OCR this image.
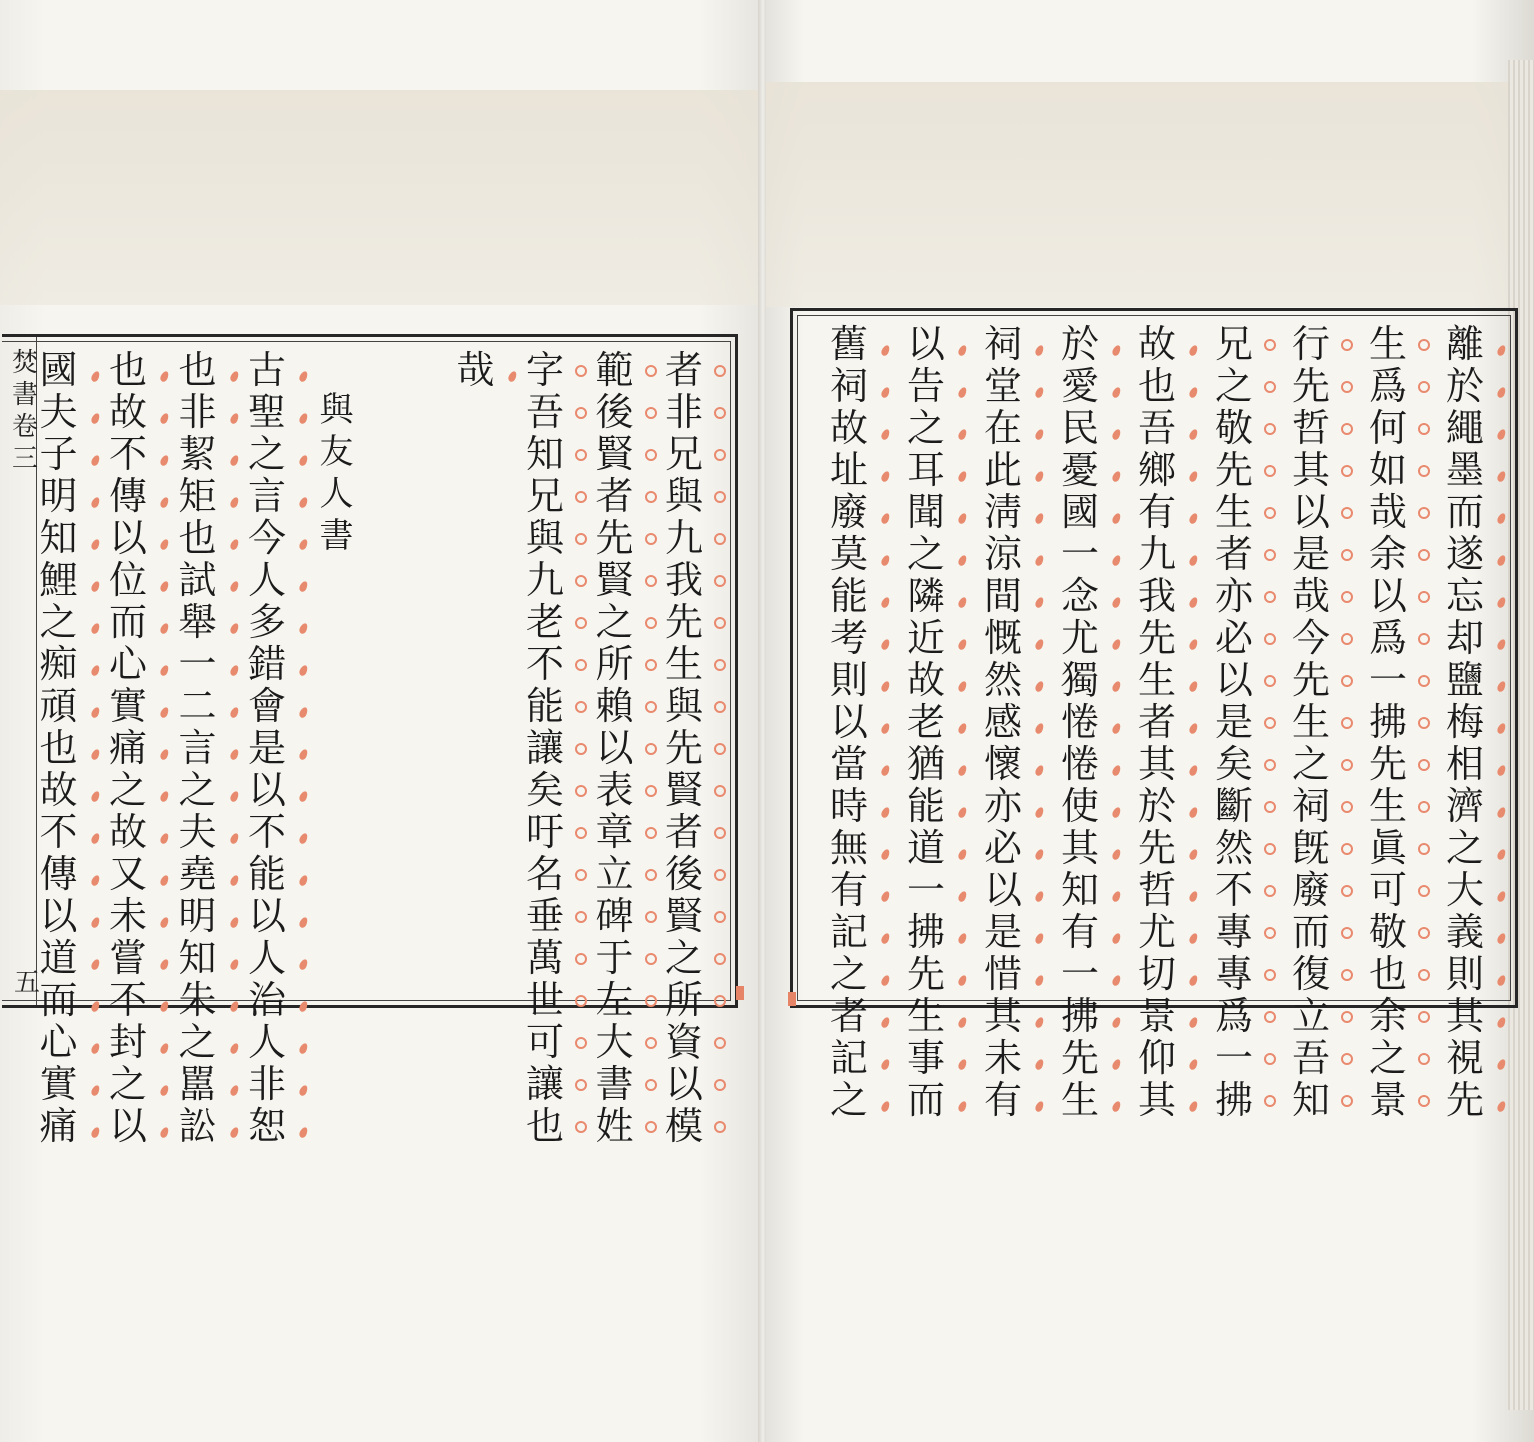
焚
書
卷
三
五
者
非
兄
與
九
我
先
生
與
先
賢
者
後
賢
之
所
資
以
模
範
後
賢
者
先
賢
之
所
賴
以
表
章
立
碑
于
左
大
書
姓
字
吾
知
兄
與
九
老
不
能
讓
矣
吁
名
垂
萬
世
可
讓
也
哉

與
友
人
書
古
聖
之
言
今
人
多
錯
會
是
以
不
能
以
人
治
人
非
恕
也
非
絜
矩
也
試
舉
一
二
言
之
夫
堯
明
知
朱
之
嚚
訟
也
故
不
傳
以
位
而
心
實
痛
之
故
又
未
嘗
不
封
之
以
國
夫
子
明
知
鯉
之
痴
頑
也
故
不
傳
以
道
而
心
實
痛
離
於
繩
墨
而
遂
忘
却
鹽
梅
相
濟
之
大
義
則
其
視
先
生
爲
何
如
哉
余
以
爲
一
拂
先
生
眞
可
敬
也
余
之
景
行
先
哲
其
以
是
哉
今
先
生
之
祠
旣
廢
而
復
立
吾
知
兄
之
敬
先
生
者
亦
必
以
是
矣
斷
然
不
專
專
爲
一
拂
故
也
吾
鄉
有
九
我
先
生
者
其
於
先
哲
尤
切
景
仰
其
於
愛
民
憂
國
一
念
尤
獨
惓
惓
使
其
知
有
一
拂
先
生
祠
堂
在
此
淸
涼
間
慨
然
感
懷
亦
必
以
是
惜
其
未
有
以
告
之
耳
聞
之
隣
近
故
老
猶
能
道
一
拂
先
生
事
而
舊
祠
故
址
廢
莫
能
考
則
以
當
時
無
有
記
之
者
記
之
